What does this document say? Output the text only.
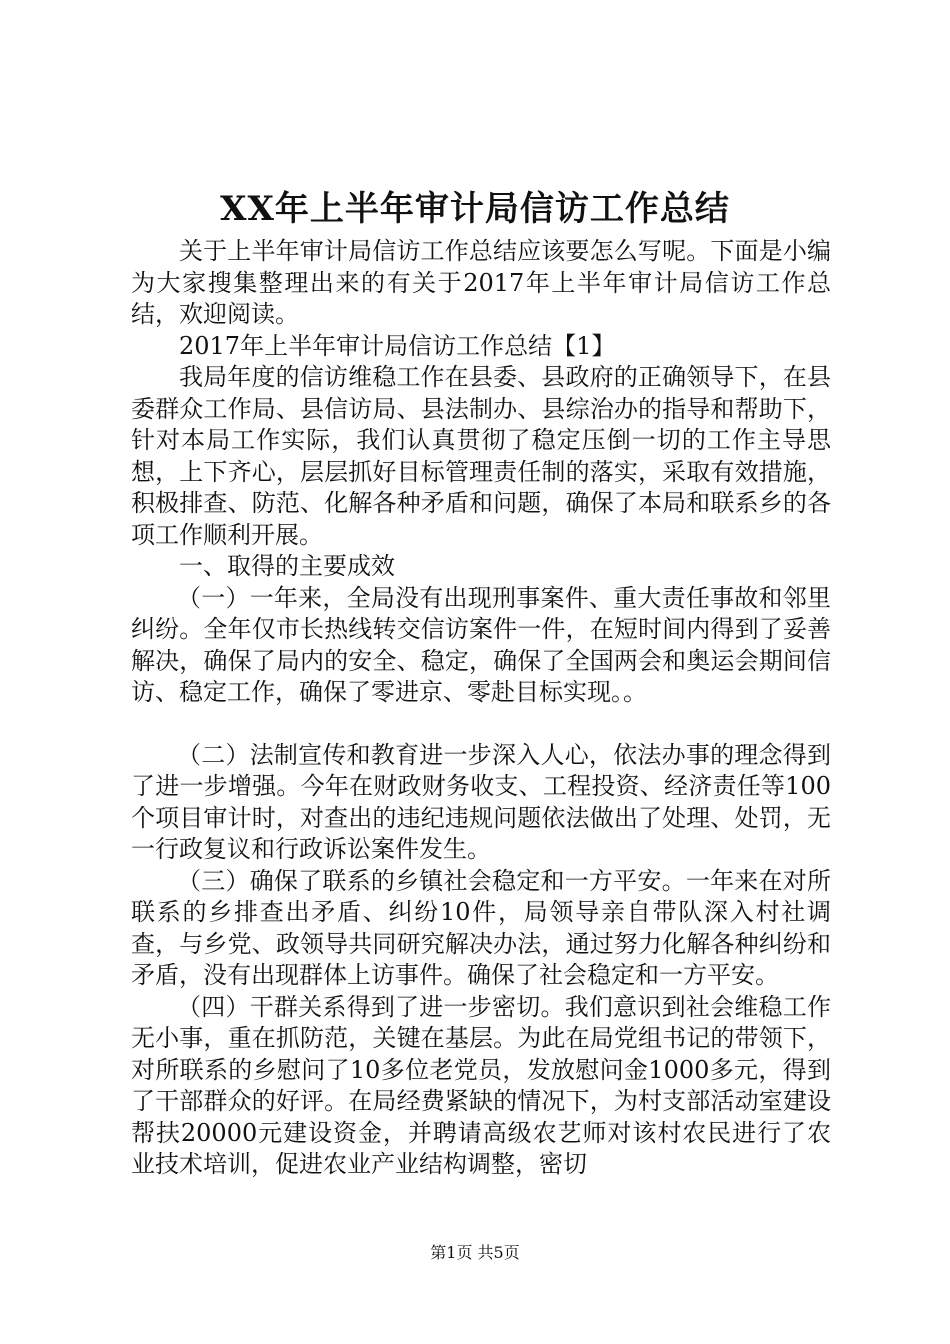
XX年上半年审计局信访工作总结

关于上半年审计局信访工作总结应该要怎么写呢。下面是小编为大家搜集整理出来的有关于2017年上半年审计局信访工作总结，欢迎阅读。

2017年上半年审计局信访工作总结【1】

我局年度的信访维稳工作在县委、县政府的正确领导下，在县委群众工作局、县信访局、县法制办、县综治办的指导和帮助下，针对本局工作实际，我们认真贯彻了稳定压倒一切的工作主导思想，上下齐心，层层抓好目标管理责任制的落实，采取有效措施，积极排查、防范、化解各种矛盾和问题，确保了本局和联系乡的各项工作顺利开展。

一、取得的主要成效

（一）一年来，全局没有出现刑事案件、重大责任事故和邻里纠纷。全年仅市长热线转交信访案件一件，在短时间内得到了妥善解决，确保了局内的安全、稳定，确保了全国两会和奥运会期间信访、稳定工作，确保了零进京、零赴目标实现。。

（二）法制宣传和教育进一步深入人心，依法办事的理念得到了进一步增强。今年在财政财务收支、工程投资、经济责任等100个项目审计时，对查出的违纪违规问题依法做出了处理、处罚，无一行政复议和行政诉讼案件发生。

（三）确保了联系的乡镇社会稳定和一方平安。一年来在对所联系的乡排查出矛盾、纠纷10件，局领导亲自带队深入村社调查，与乡党、政领导共同研究解决办法，通过努力化解各种纠纷和矛盾，没有出现群体上访事件。确保了社会稳定和一方平安。

（四）干群关系得到了进一步密切。我们意识到社会维稳工作无小事，重在抓防范，关键在基层。为此在局党组书记的带领下，对所联系的乡慰问了10多位老党员，发放慰问金1000多元，得到了干部群众的好评。在局经费紧缺的情况下，为村支部活动室建设帮扶20000元建设资金，并聘请高级农艺师对该村农民进行了农业技术培训，促进农业产业结构调整，密切

第1页 共5页
